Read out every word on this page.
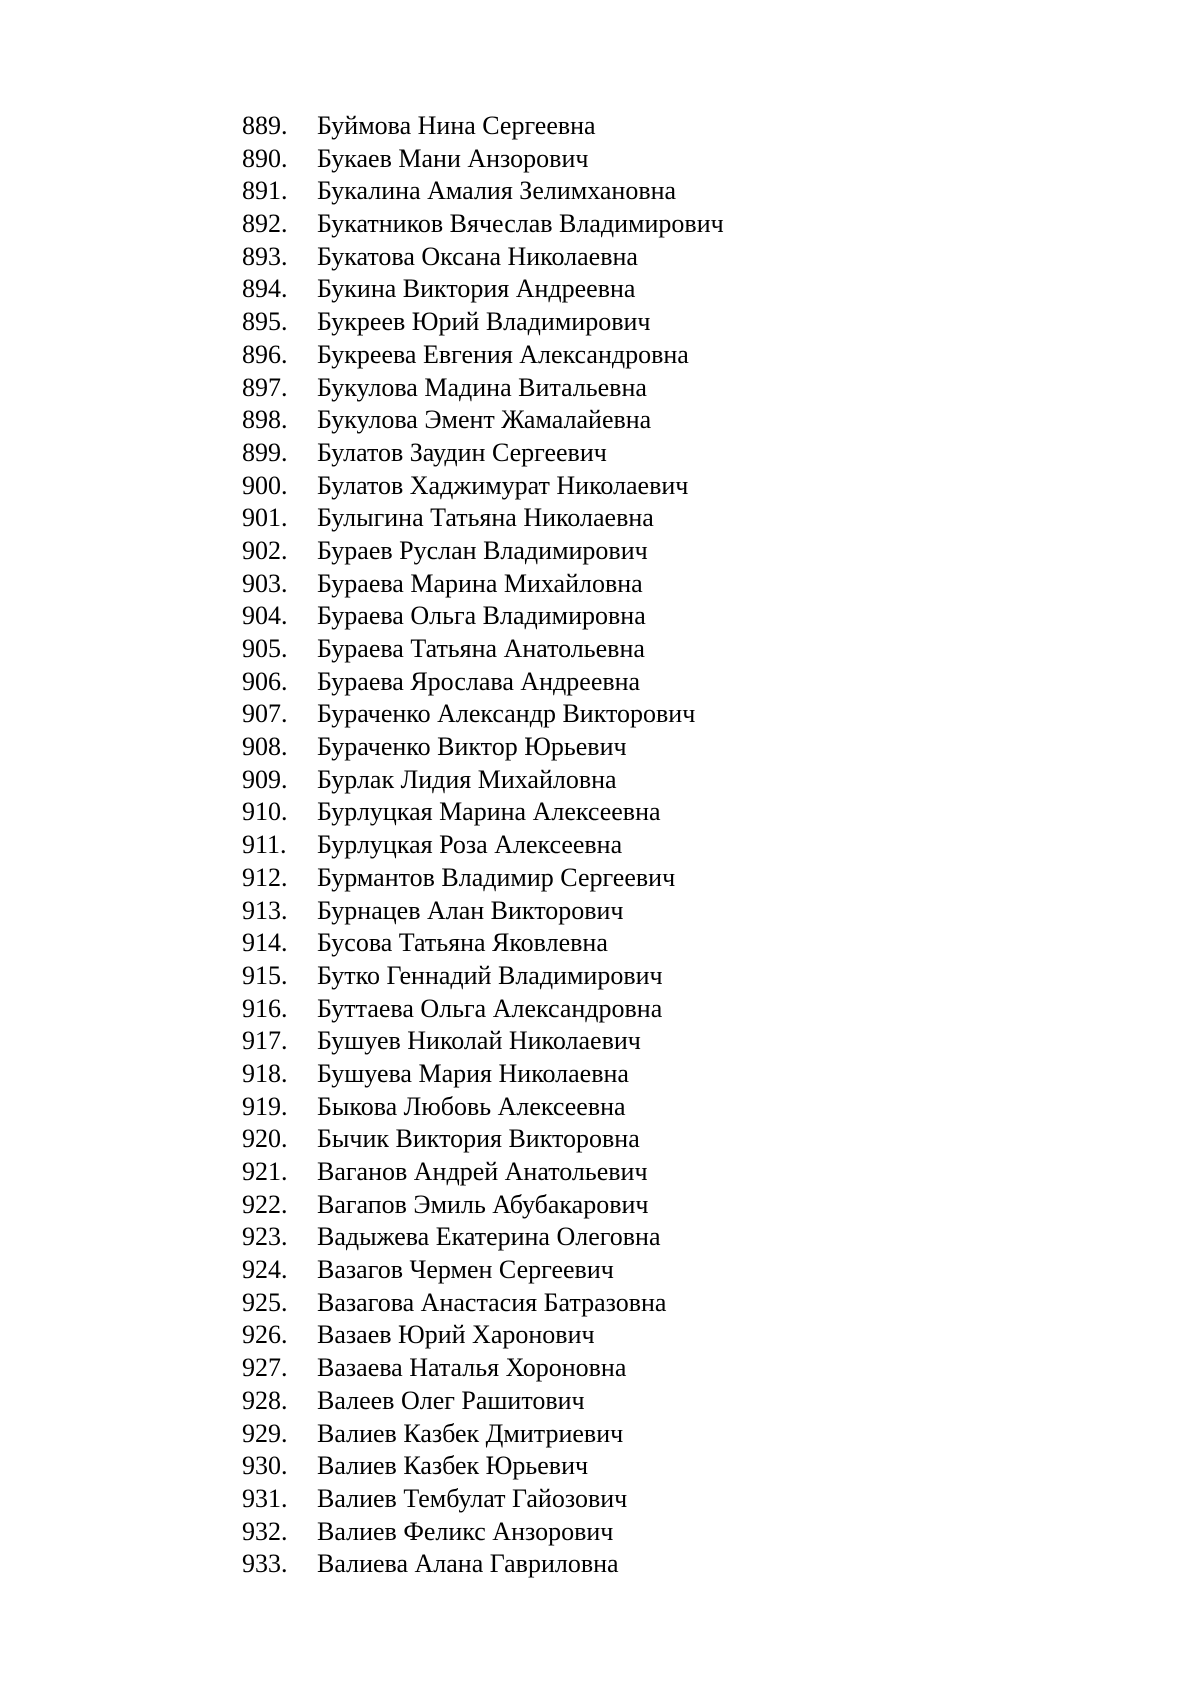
889.	Буймова Нина Сергеевна
890.	Букаев Мани Анзорович
891.	Букалина Амалия Зелимхановна
892.	Букатников Вячеслав Владимирович
893.	Букатова Оксана Николаевна
894.	Букина Виктория Андреевна
895.	Букреев Юрий Владимирович
896.	Букреева Евгения Александровна
897.	Букулова Мадина Витальевна
898.	Букулова Эмент Жамалайевна
899.	Булатов Заудин Сергеевич
900.	Булатов Хаджимурат Николаевич
901.	Булыгина Татьяна Николаевна
902.	Бураев Руслан Владимирович
903.	Бураева Марина Михайловна
904.	Бураева Ольга Владимировна
905.	Бураева Татьяна Анатольевна
906.	Бураева Ярослава Андреевна
907.	Бураченко Александр Викторович
908.	Бураченко Виктор Юрьевич
909.	Бурлак Лидия Михайловна
910.	Бурлуцкая Марина Алексеевна
911.	Бурлуцкая Роза Алексеевна
912.	Бурмантов Владимир Сергеевич
913.	Бурнацев Алан Викторович
914.	Бусова Татьяна Яковлевна
915.	Бутко Геннадий Владимирович
916.	Буттаева Ольга Александровна
917.	Бушуев Николай Николаевич
918.	Бушуева Мария Николаевна
919.	Быкова Любовь Алексеевна
920.	Бычик Виктория Викторовна
921.	Ваганов Андрей Анатольевич
922.	Вагапов Эмиль Абубакарович
923.	Вадыжева Екатерина Олеговна
924.	Вазагов Чермен Сергеевич
925.	Вазагова Анастасия Батразовна
926.	Вазаев Юрий Харонович
927.	Вазаева Наталья Хороновна
928.	Валеев Олег Рашитович
929.	Валиев Казбек Дмитриевич
930.	Валиев Казбек Юрьевич
931.	Валиев Тембулат Гайозович
932.	Валиев Феликс Анзорович
933.	Валиева Алана Гавриловна
